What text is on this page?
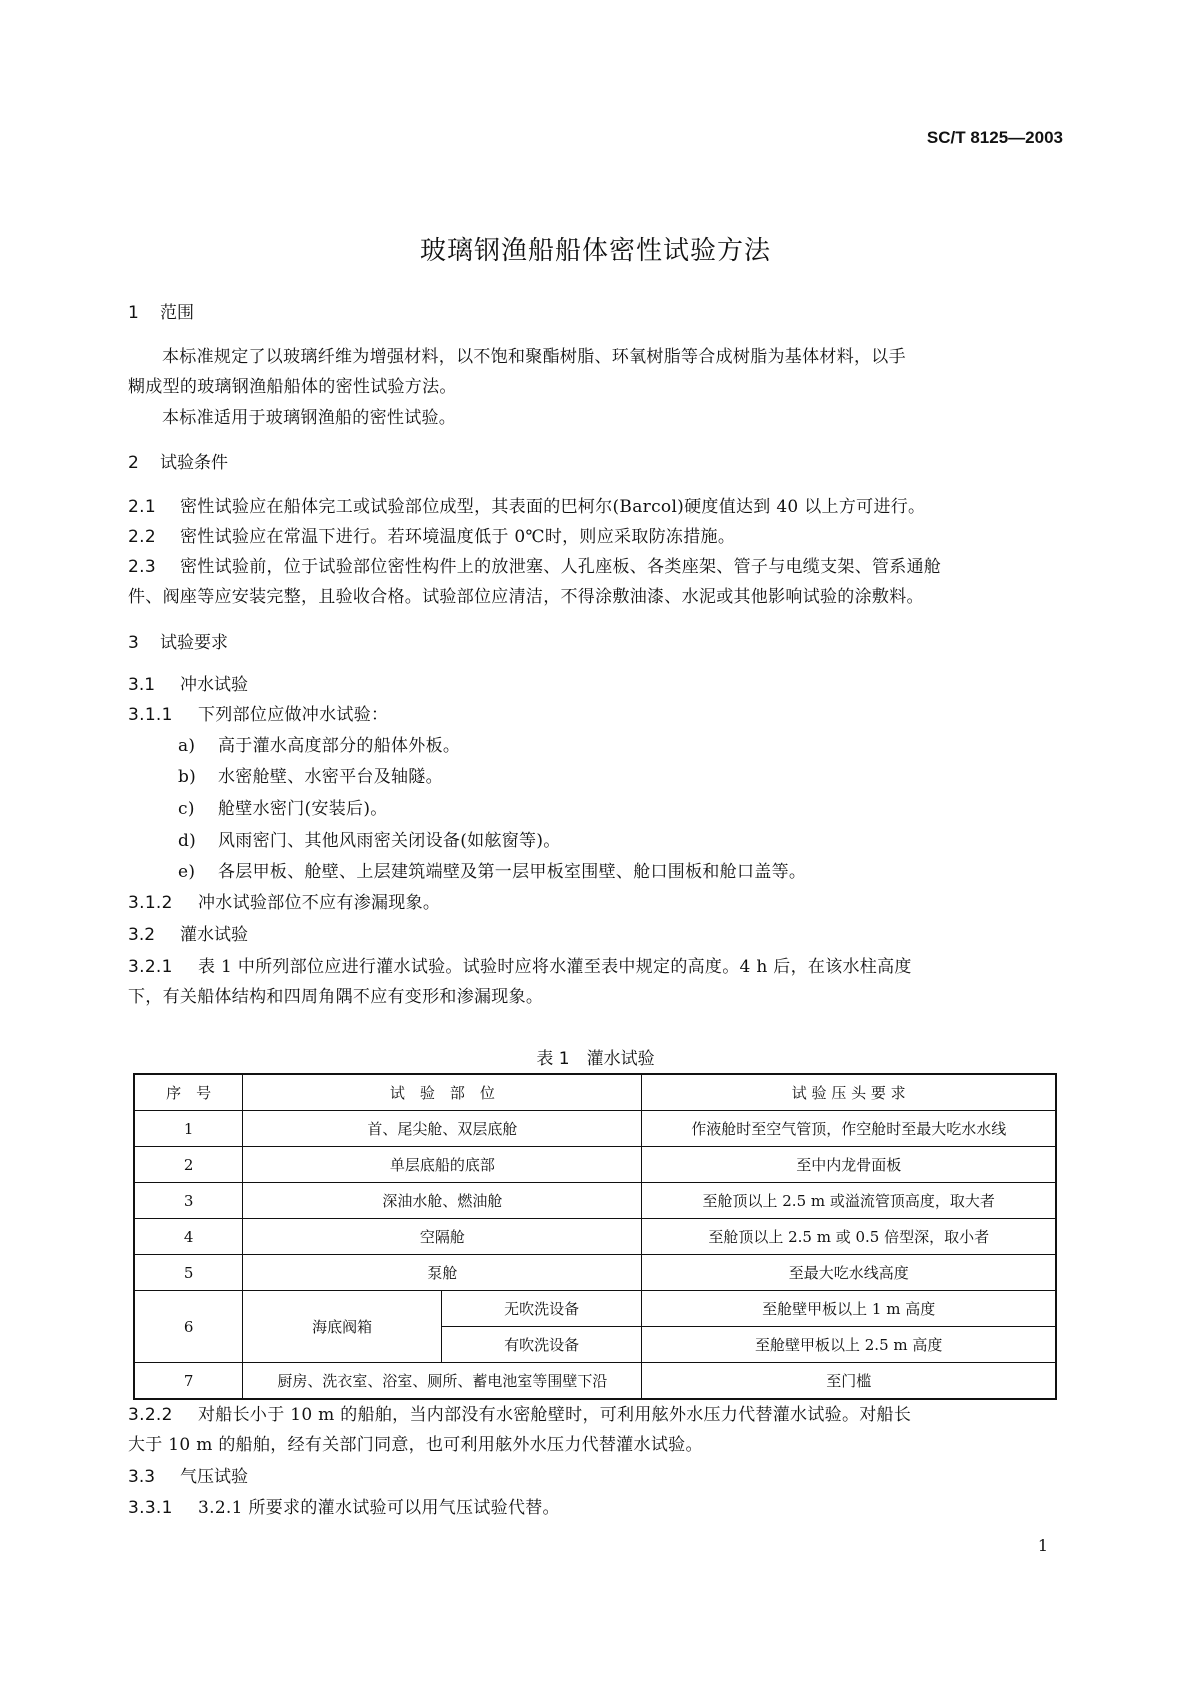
SC/T 8125—2003
玻璃钢渔船船体密性试验方法
1 范围
本标准规定了以玻璃纤维为增强材料，以不饱和聚酯树脂、环氧树脂等合成树脂为基体材料，以手
糊成型的玻璃钢渔船船体的密性试验方法。
本标准适用于玻璃钢渔船的密性试验。
2 试验条件
2.1 密性试验应在船体完工或试验部位成型，其表面的巴柯尔(Barcol)硬度值达到 40 以上方可进行。
2.2 密性试验应在常温下进行。若环境温度低于 0℃时，则应采取防冻措施。
2.3 密性试验前，位于试验部位密性构件上的放泄塞、人孔座板、各类座架、管子与电缆支架、管系通舱
件、阀座等应安装完整，且验收合格。试验部位应清洁，不得涂敷油漆、水泥或其他影响试验的涂敷料。
3 试验要求
3.1 冲水试验
3.1.1 下列部位应做冲水试验：
a) 高于灌水高度部分的船体外板。
b) 水密舱壁、水密平台及轴隧。
c) 舱壁水密门(安装后)。
d) 风雨密门、其他风雨密关闭设备(如舷窗等)。
e) 各层甲板、舱壁、上层建筑端壁及第一层甲板室围壁、舱口围板和舱口盖等。
3.1.2 冲水试验部位不应有渗漏现象。
3.2 灌水试验
3.2.1 表 1 中所列部位应进行灌水试验。试验时应将水灌至表中规定的高度。4 h 后，在该水柱高度
下，有关船体结构和四周角隅不应有变形和渗漏现象。
表 1　灌水试验
序　号	试　验　部　位		试 验 压 头 要 求
1	首、尾尖舱、双层底舱		作液舱时至空气管顶，作空舱时至最大吃水水线
2	单层底船的底部		至中内龙骨面板
3	深油水舱、燃油舱		至舱顶以上 2.5 m 或溢流管顶高度，取大者
4	空隔舱		至舱顶以上 2.5 m 或 0.5 倍型深，取小者
5	泵舱		至最大吃水线高度
6	海底阀箱	无吹洗设备	至舱壁甲板以上 1 m 高度
		有吹洗设备	至舱壁甲板以上 2.5 m 高度
7	厨房、洗衣室、浴室、厕所、蓄电池室等围壁下沿		至门槛
3.2.2 对船长小于 10 m 的船舶，当内部没有水密舱壁时，可利用舷外水压力代替灌水试验。对船长
大于 10 m 的船舶，经有关部门同意，也可利用舷外水压力代替灌水试验。
3.3 气压试验
3.3.1 3.2.1 所要求的灌水试验可以用气压试验代替。
1
